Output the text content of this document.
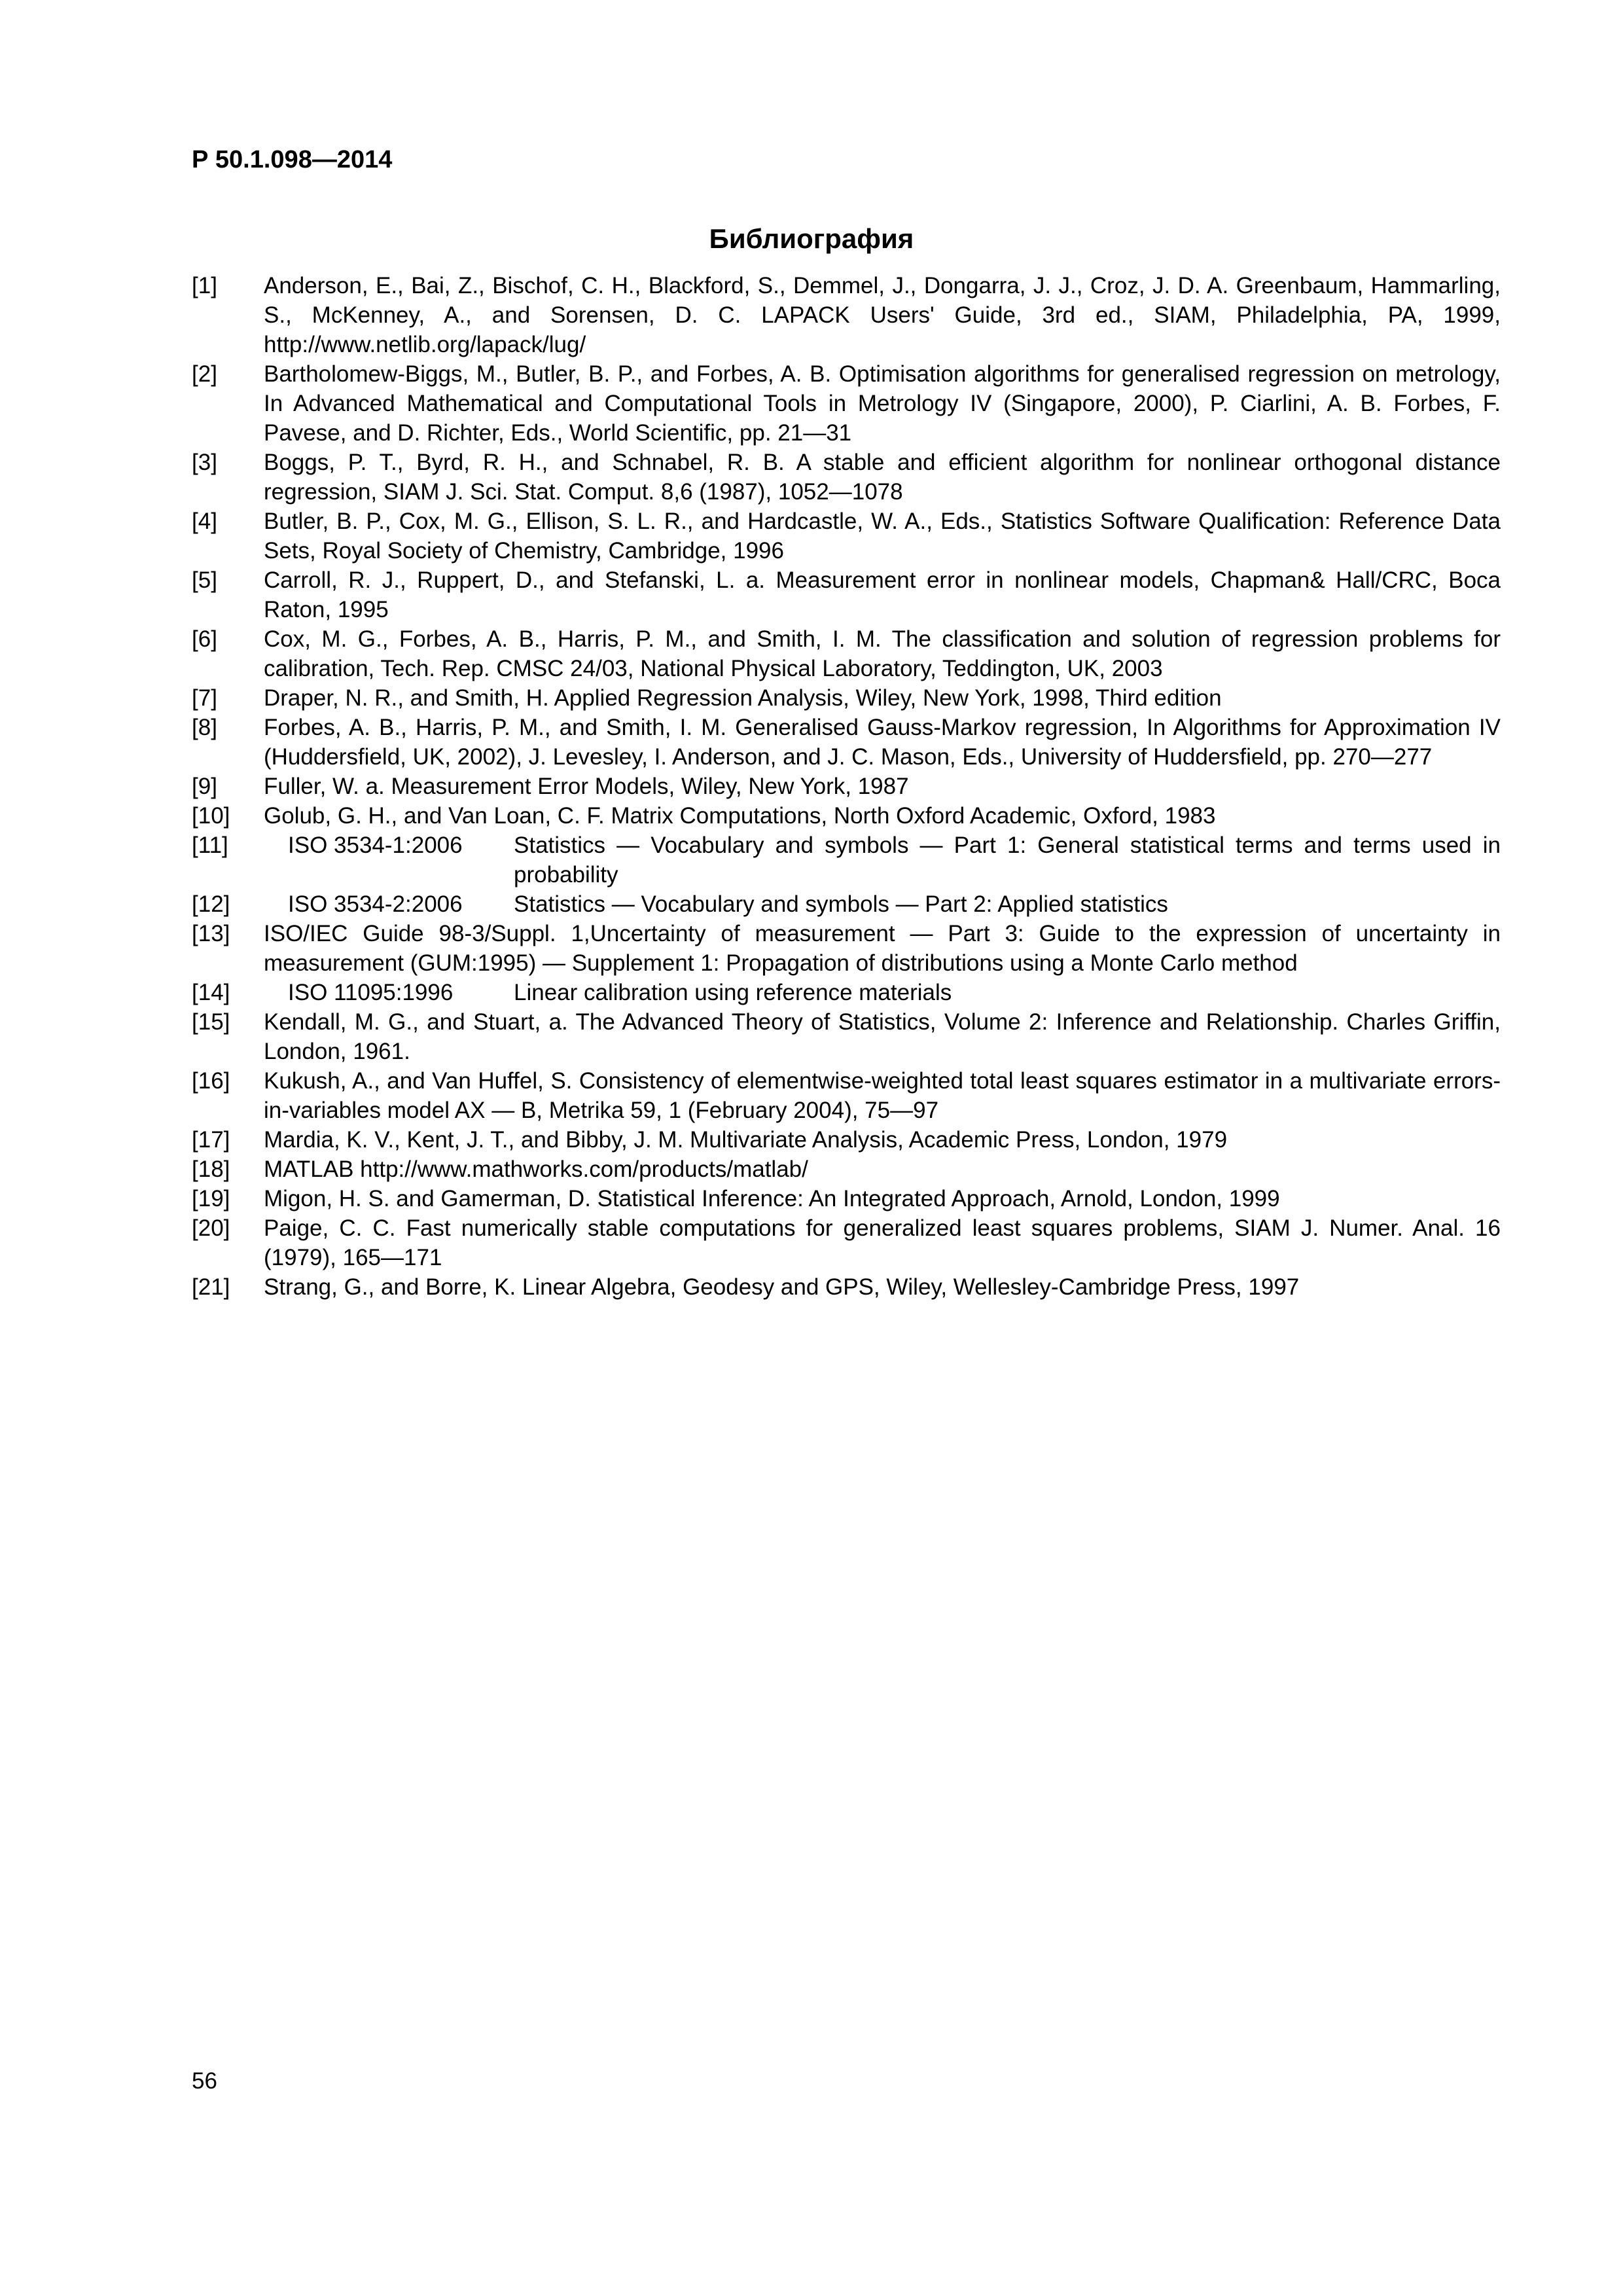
Р 50.1.098—2014
Библиография
[1]	Anderson, E., Bai, Z., Bischof, C. H., Blackford, S., Demmel, J., Dongarra, J. J., Croz, J. D. A. Greenbaum, Hammarling, S., McKenney, A., and Sorensen, D. C. LAPACK Users' Guide, 3rd ed., SIAM, Philadelphia, PA, 1999, http://www.netlib.org/lapack/lug/
[2]	Bartholomew-Biggs, M., Butler, B. P., and Forbes, A. B. Optimisation algorithms for generalised regression on metrology, In Advanced Mathematical and Computational Tools in Metrology IV (Singapore, 2000), P. Ciarlini, A. B. Forbes, F. Pavese, and D. Richter, Eds., World Scientific, pp. 21—31
[3]	Boggs, P. T., Byrd, R. H., and Schnabel, R. B. A stable and efficient algorithm for nonlinear orthogonal distance regression, SIAM J. Sci. Stat. Comput. 8,6 (1987), 1052—1078
[4]	Butler, B. P., Cox, M. G., Ellison, S. L. R., and Hardcastle, W. A., Eds., Statistics Software Qualification: Reference Data Sets, Royal Society of Chemistry, Cambridge, 1996
[5]	Carroll, R. J., Ruppert, D., and Stefanski, L. a. Measurement error in nonlinear models, Chapman& Hall/CRC, Boca Raton, 1995
[6]	Cox, M. G., Forbes, A. B., Harris, P. M., and Smith, I. M. The classification and solution of regression problems for calibration, Tech. Rep. CMSC 24/03, National Physical Laboratory, Teddington, UK, 2003
[7]	Draper, N. R., and Smith, H. Applied Regression Analysis, Wiley, New York, 1998, Third edition
[8]	Forbes, A. B., Harris, P. M., and Smith, I. M. Generalised Gauss-Markov regression, In Algorithms for Approximation IV (Huddersfield, UK, 2002), J. Levesley, I. Anderson, and J. C. Mason, Eds., University of Huddersfield, pp. 270—277
[9]	Fuller, W. a. Measurement Error Models, Wiley, New York, 1987
[10]	Golub, G. H., and Van Loan, C. F. Matrix Computations, North Oxford Academic, Oxford, 1983
[11]	ISO 3534-1:2006	Statistics — Vocabulary and symbols — Part 1: General statistical terms and terms used in probability
[12]	ISO 3534-2:2006	Statistics — Vocabulary and symbols — Part 2: Applied statistics
[13]	ISO/IEC Guide 98-3/Suppl. 1,Uncertainty of measurement — Part 3: Guide to the expression of uncertainty in measurement (GUM:1995) — Supplement 1: Propagation of distributions using a Monte Carlo method
[14]	ISO 11095:1996	Linear calibration using reference materials
[15]	Kendall, M. G., and Stuart, a. The Advanced Theory of Statistics, Volume 2: Inference and Relationship. Charles Griffin, London, 1961.
[16]	Kukush, A., and Van Huffel, S. Consistency of elementwise-weighted total least squares estimator in a multivariate errors-in-variables model AX — B, Metrika 59, 1 (February 2004), 75—97
[17]	Mardia, K. V., Kent, J. T., and Bibby, J. M. Multivariate Analysis, Academic Press, London, 1979
[18]	MATLAB http://www.mathworks.com/products/matlab/
[19]	Migon, H. S. and Gamerman, D. Statistical Inference: An Integrated Approach, Arnold, London, 1999
[20]	Paige, C. C. Fast numerically stable computations for generalized least squares problems, SIAM J. Numer. Anal. 16 (1979), 165—171
[21]	Strang, G., and Borre, K. Linear Algebra, Geodesy and GPS, Wiley, Wellesley-Cambridge Press, 1997

56
